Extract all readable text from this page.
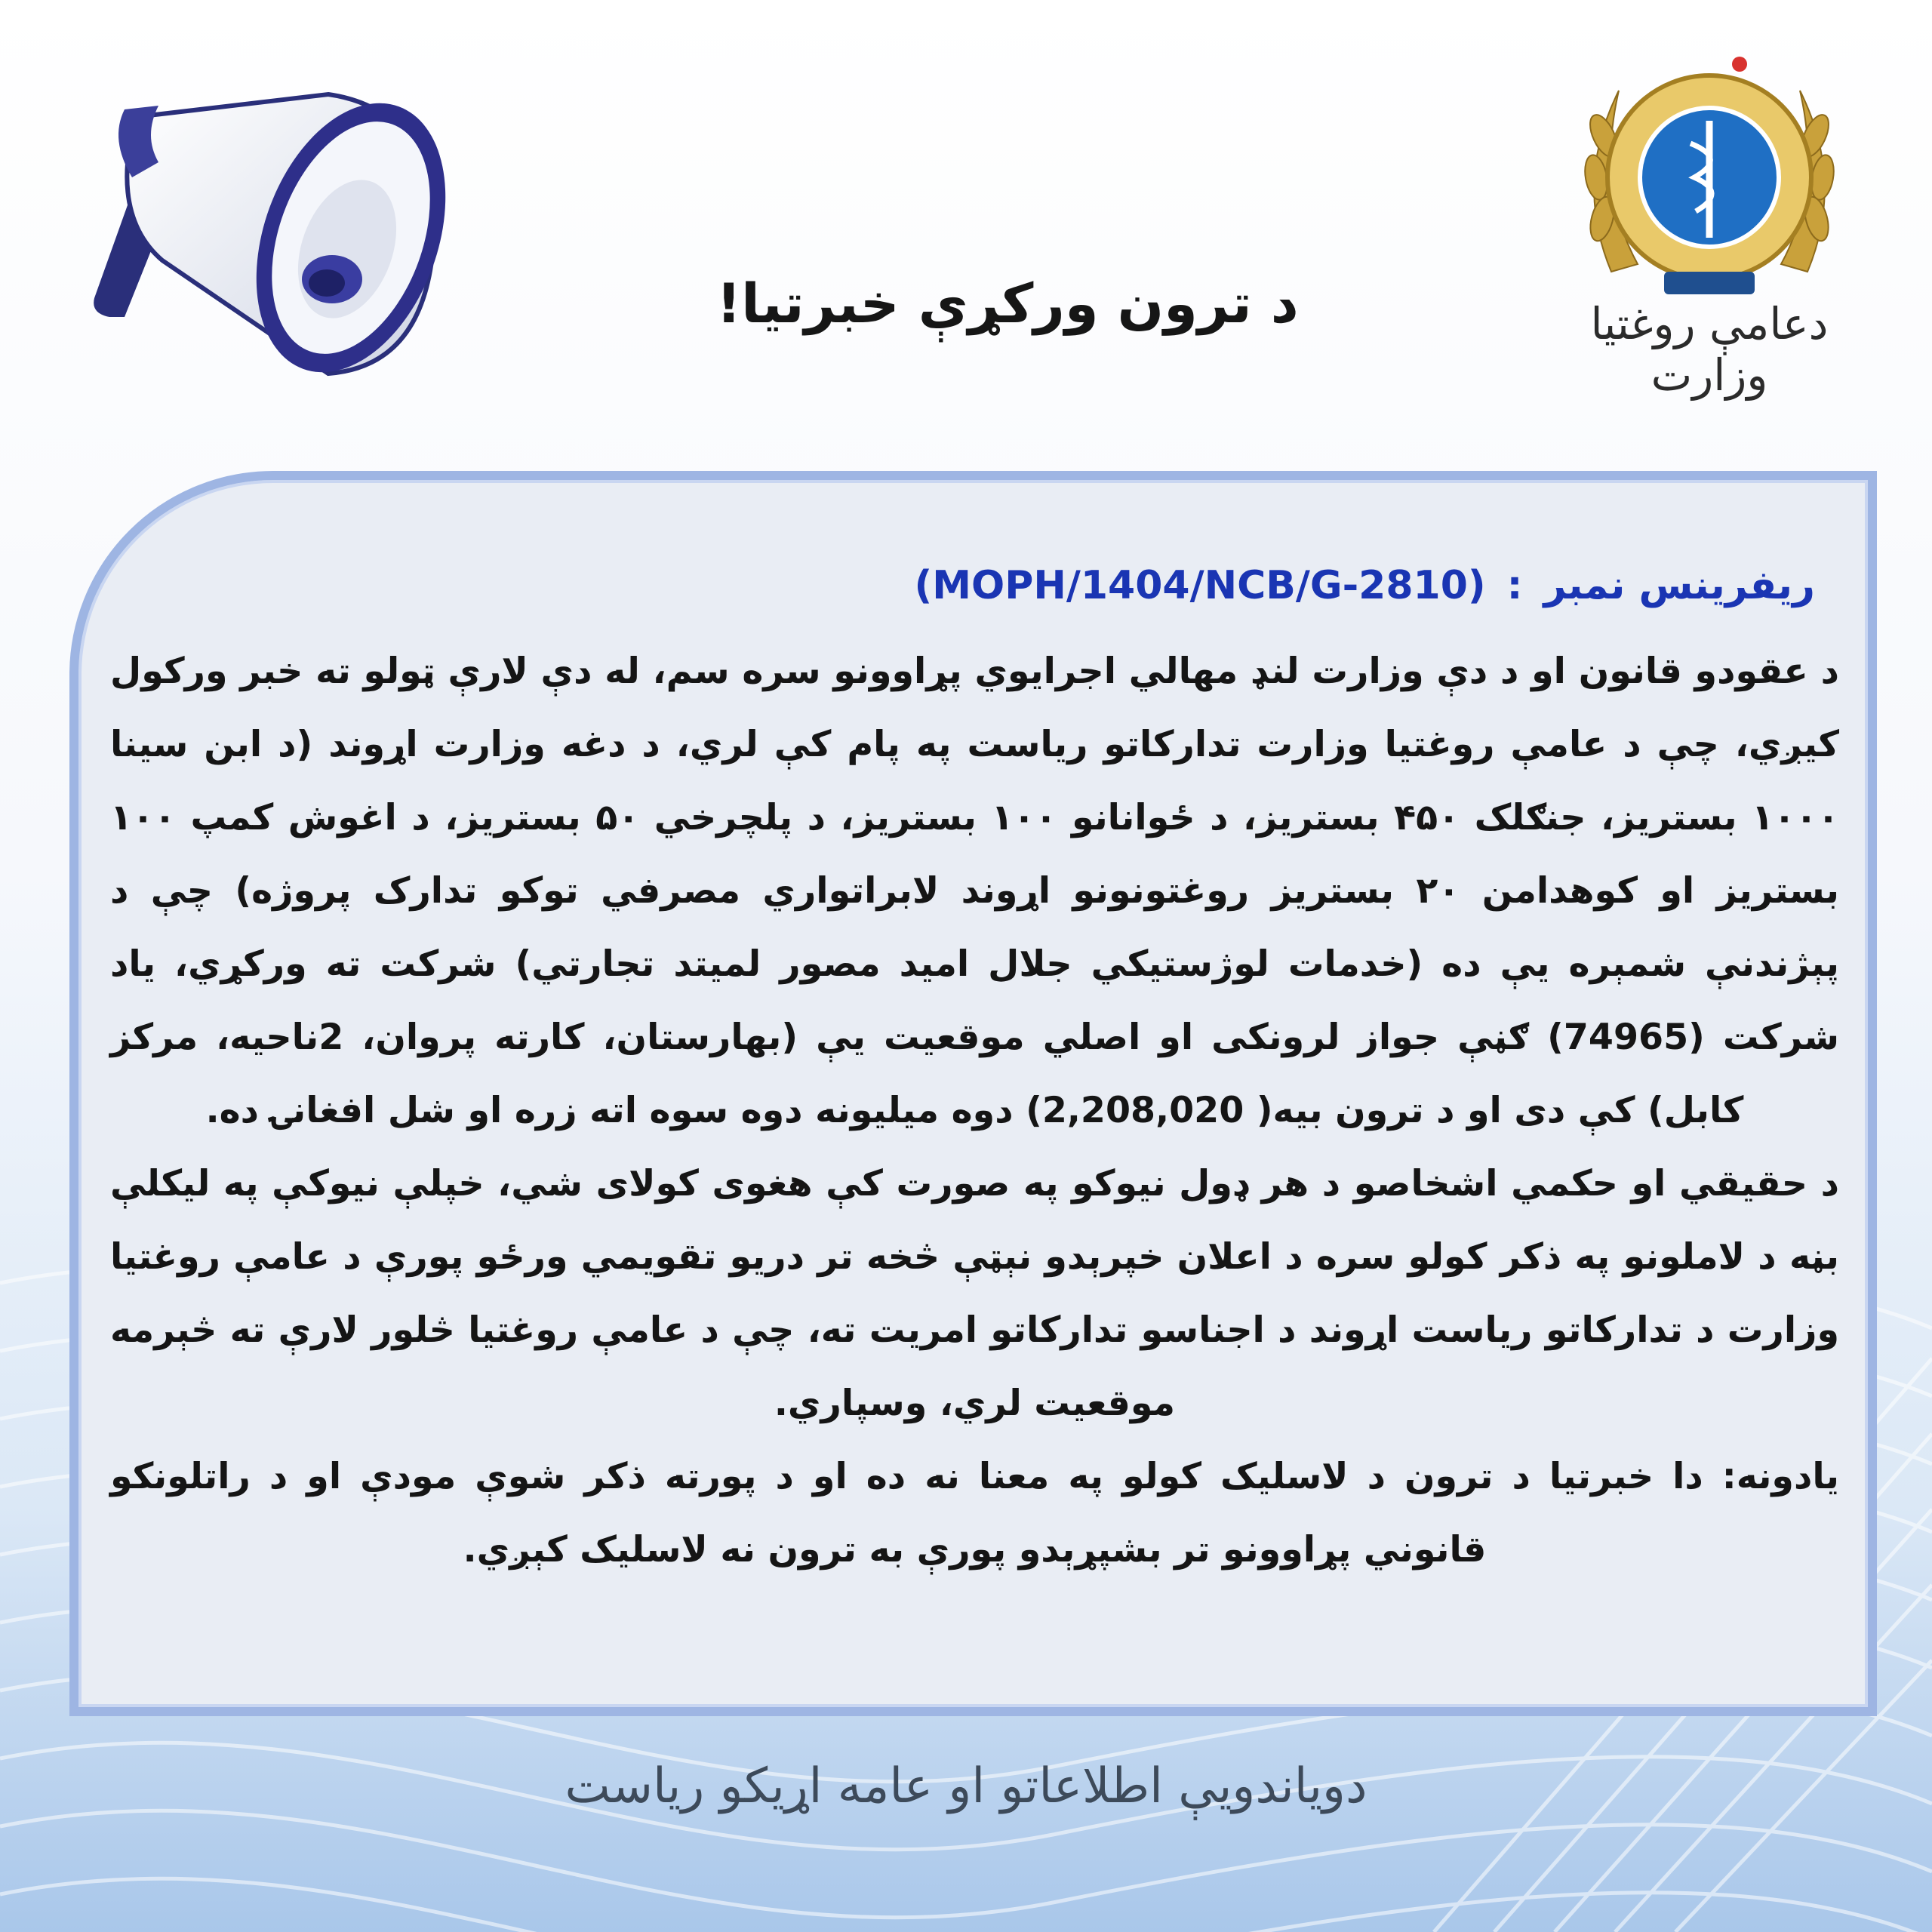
دعامې روغتیا وزارت
د ترون ورکړې خبرتیا!
ریفرینس نمبر:(MOPH/1404/NCB/G-2810)

د عقودو قانون او د دې وزارت لنډ مهالي اجرایوي پړاوونو سره سم، له دې لارې ټولو ته خبر ورکول کیږي، چې د عامې روغتیا وزارت تدارکاتو ریاست په پام کې لري، د دغه وزارت اړوند (د ابن سینا ۱۰۰۰ بستریز، جنګلک ۴۵۰ بستریز، د ځوانانو ۱۰۰ بستریز، د پلچرخي ۵۰ بستریز، د اغوش کمپ ۱۰۰ بستریز او کوهدامن ۲۰ بستریز روغتونونو اړوند لابراتواري مصرفي توکو تدارک پروژه) چې د پېژندنې شمېره یې ده (خدمات لوژستیکي جلال امید مصور لمیتد تجارتي) شرکت ته ورکړي، یاد شرکت (74965) ګڼې جواز لرونکی او اصلي موقعیت یې (بهارستان، کارته پروان، 2ناحیه، مرکز کابل) کې دی او د ترون بیه( 2,208,020) دوه میلیونه دوه سوه اته زره او شل افغانۍ ده.

د حقیقي او حکمي اشخاصو د هر ډول نیوکو په صورت کې هغوی کولای شي، خپلې نیوکې په لیکلې بڼه د لاملونو په ذکر کولو سره د اعلان خپرېدو نېټې څخه تر دریو تقویمي ورځو پورې د عامې روغتیا وزارت د تدارکاتو ریاست اړوند د اجناسو تدارکاتو امریت ته، چې د عامې روغتیا څلور لارې ته څېرمه موقعیت لري، وسپاري.

یادونه: دا خبرتیا د ترون د لاسلیک کولو په معنا نه ده او د پورته ذکر شوې مودې او د راتلونکو قانوني پړاوونو تر بشپړېدو پورې به ترون نه لاسلیک کېږي.

دویاندویې اطلاعاتو او عامه اړیکو ریاست
